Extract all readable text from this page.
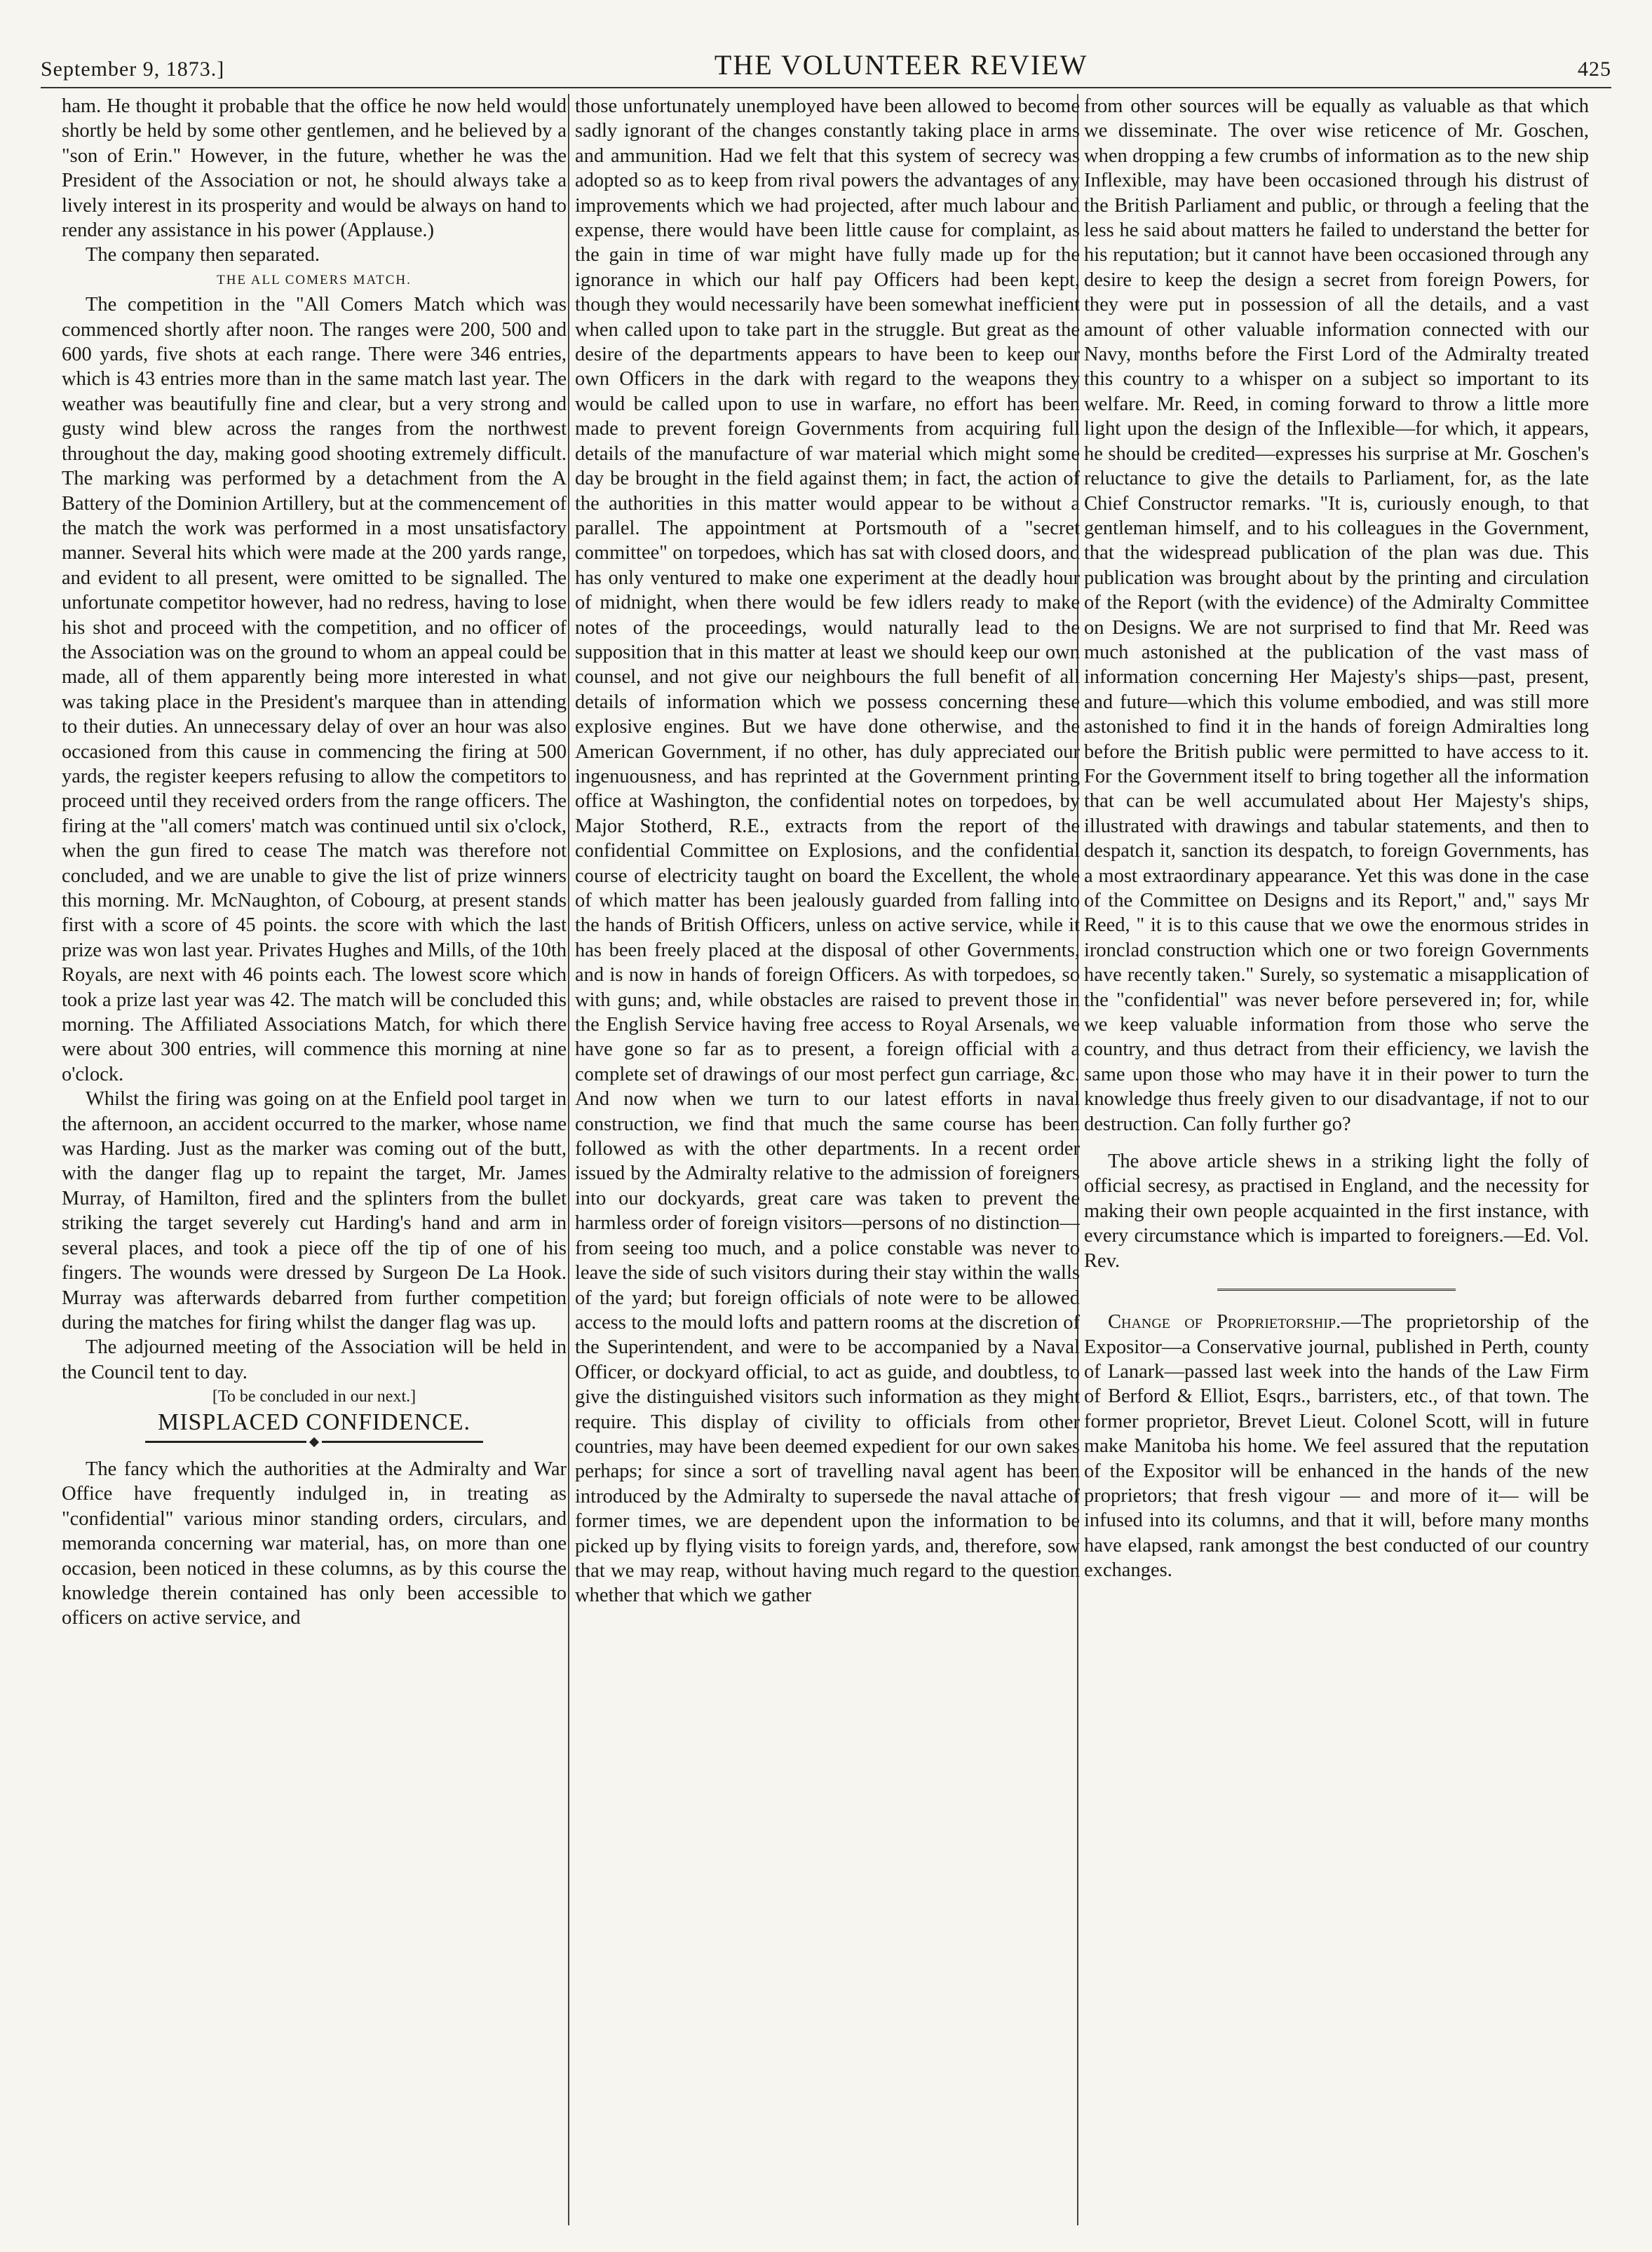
September 9, 1873.]	THE VOLUNTEER REVIEW	425

ham. He thought it probable that the office he now held would shortly be held by some other gentlemen, and he believed by a "son of Erin." However, in the future, whether he was the President of the Association or not, he should always take a lively interest in its prosperity and would be always on hand to render any assistance in his power (Applause.)

The company then separated.

THE ALL COMERS MATCH.

The competition in the "All Comers Match which was commenced shortly after noon. The ranges were 200, 500 and 600 yards, five shots at each range. There were 346 entries, which is 43 entries more than in the same match last year. The weather was beautifully fine and clear, but a very strong and gusty wind blew across the ranges from the northwest throughout the day, making good shooting extremely difficult. The marking was performed by a detachment from the A Battery of the Dominion Artillery, but at the commencement of the match the work was performed in a most unsatisfactory manner. Several hits which were made at the 200 yards range, and evident to all present, were omitted to be signalled. The unfortunate competitor however, had no redress, having to lose his shot and proceed with the competition, and no officer of the Association was on the ground to whom an appeal could be made, all of them apparently being more interested in what was taking place in the President's marquee than in attending to their duties. An unnecessary delay of over an hour was also occasioned from this cause in commencing the firing at 500 yards, the register keepers refusing to allow the competitors to proceed until they received orders from the range officers. The firing at the "all comers' match was continued until six o'clock, when the gun fired to cease The match was therefore not concluded, and we are unable to give the list of prize winners this morning. Mr. McNaughton, of Cobourg, at present stands first with a score of 45 points. the score with which the last prize was won last year. Privates Hughes and Mills, of the 10th Royals, are next with 46 points each. The lowest score which took a prize last year was 42. The match will be concluded this morning. The Affiliated Associations Match, for which there were about 300 entries, will commence this morning at nine o'clock.

Whilst the firing was going on at the Enfield pool target in the afternoon, an accident occurred to the marker, whose name was Harding. Just as the marker was coming out of the butt, with the danger flag up to repaint the target, Mr. James Murray, of Hamilton, fired and the splinters from the bullet striking the target severely cut Harding's hand and arm in several places, and took a piece off the tip of one of his fingers. The wounds were dressed by Surgeon De La Hook. Murray was afterwards debarred from further competition during the matches for firing whilst the danger flag was up.

The adjourned meeting of the Association will be held in the Council tent to day.

[To be concluded in our next.]

MISPLACED CONFIDENCE.

The fancy which the authorities at the Admiralty and War Office have frequently indulged in, in treating as "confidential" various minor standing orders, circulars, and memoranda concerning war material, has, on more than one occasion, been noticed in these columns, as by this course the knowledge therein contained has only been accessible to officers on active service, and

those unfortunately unemployed have been allowed to become sadly ignorant of the changes constantly taking place in arms and ammunition. Had we felt that this system of secrecy was adopted so as to keep from rival powers the advantages of any improvements which we had projected, after much labour and expense, there would have been little cause for complaint, as the gain in time of war might have fully made up for the ignorance in which our half pay Officers had been kept, though they would necessarily have been somewhat inefficient when called upon to take part in the struggle. But great as the desire of the departments appears to have been to keep our own Officers in the dark with regard to the weapons they would be called upon to use in warfare, no effort has been made to prevent foreign Governments from acquiring full details of the manufacture of war material which might some day be brought in the field against them; in fact, the action of the authorities in this matter would appear to be without a parallel. The appointment at Portsmouth of a "secret committee" on torpedoes, which has sat with closed doors, and has only ventured to make one experiment at the deadly hour of midnight, when there would be few idlers ready to make notes of the proceedings, would naturally lead to the supposition that in this matter at least we should keep our own counsel, and not give our neighbours the full benefit of all details of information which we possess concerning these explosive engines. But we have done otherwise, and the American Government, if no other, has duly appreciated our ingenuousness, and has reprinted at the Government printing office at Washington, the confidential notes on torpedoes, by Major Stotherd, R.E., extracts from the report of the confidential Committee on Explosions, and the confidential course of electricity taught on board the Excellent, the whole of which matter has been jealously guarded from falling into the hands of British Officers, unless on active service, while it has been freely placed at the disposal of other Governments, and is now in hands of foreign Officers. As with torpedoes, so with guns; and, while obstacles are raised to prevent those in the English Service having free access to Royal Arsenals, we have gone so far as to present, a foreign official with a complete set of drawings of our most perfect gun carriage, &c. And now when we turn to our latest efforts in naval construction, we find that much the same course has been followed as with the other departments. In a recent order issued by the Admiralty relative to the admission of foreigners into our dockyards, great care was taken to prevent the harmless order of foreign visitors—persons of no distinction—from seeing too much, and a police constable was never to leave the side of such visitors during their stay within the walls of the yard; but foreign officials of note were to be allowed access to the mould lofts and pattern rooms at the discretion of the Superintendent, and were to be accompanied by a Naval Officer, or dockyard official, to act as guide, and doubtless, to give the distinguished visitors such information as they might require. This display of civility to officials from other countries, may have been deemed expedient for our own sakes perhaps; for since a sort of travelling naval agent has been introduced by the Admiralty to supersede the naval attache of former times, we are dependent upon the information to be picked up by flying visits to foreign yards, and, therefore, sow that we may reap, without having much regard to the question whether that which we gather

from other sources will be equally as valuable as that which we disseminate. The over wise reticence of Mr. Goschen, when dropping a few crumbs of information as to the new ship Inflexible, may have been occasioned through his distrust of the British Parliament and public, or through a feeling that the less he said about matters he failed to understand the better for his reputation; but it cannot have been occasioned through any desire to keep the design a secret from foreign Powers, for they were put in possession of all the details, and a vast amount of other valuable information connected with our Navy, months before the First Lord of the Admiralty treated this country to a whisper on a subject so important to its welfare. Mr. Reed, in coming forward to throw a little more light upon the design of the Inflexible—for which, it appears, he should be credited—expresses his surprise at Mr. Goschen's reluctance to give the details to Parliament, for, as the late Chief Constructor remarks. "It is, curiously enough, to that gentleman himself, and to his colleagues in the Government, that the widespread publication of the plan was due. This publication was brought about by the printing and circulation of the Report (with the evidence) of the Admiralty Committee on Designs. We are not surprised to find that Mr. Reed was much astonished at the publication of the vast mass of information concerning Her Majesty's ships—past, present, and future—which this volume embodied, and was still more astonished to find it in the hands of foreign Admiralties long before the British public were permitted to have access to it. For the Government itself to bring together all the information that can be well accumulated about Her Majesty's ships, illustrated with drawings and tabular statements, and then to despatch it, sanction its despatch, to foreign Governments, has a most extraordinary appearance. Yet this was done in the case of the Committee on Designs and its Report," and," says Mr Reed, " it is to this cause that we owe the enormous strides in ironclad construction which one or two foreign Governments have recently taken." Surely, so systematic a misapplication of the "confidential" was never before persevered in; for, while we keep valuable information from those who serve the country, and thus detract from their efficiency, we lavish the same upon those who may have it in their power to turn the knowledge thus freely given to our disadvantage, if not to our destruction. Can folly further go?

The above article shews in a striking light the folly of official secresy, as practised in England, and the necessity for making their own people acquainted in the first instance, with every circumstance which is imparted to foreigners.—Ed. Vol. Rev.

Change of Proprietorship.—The proprietorship of the Expositor—a Conservative journal, published in Perth, county of Lanark—passed last week into the hands of the Law Firm of Berford & Elliot, Esqrs., barristers, etc., of that town. The former proprietor, Brevet Lieut. Colonel Scott, will in future make Manitoba his home. We feel assured that the reputation of the Expositor will be enhanced in the hands of the new proprietors; that fresh vigour — and more of it— will be infused into its columns, and that it will, before many months have elapsed, rank amongst the best conducted of our country exchanges.
